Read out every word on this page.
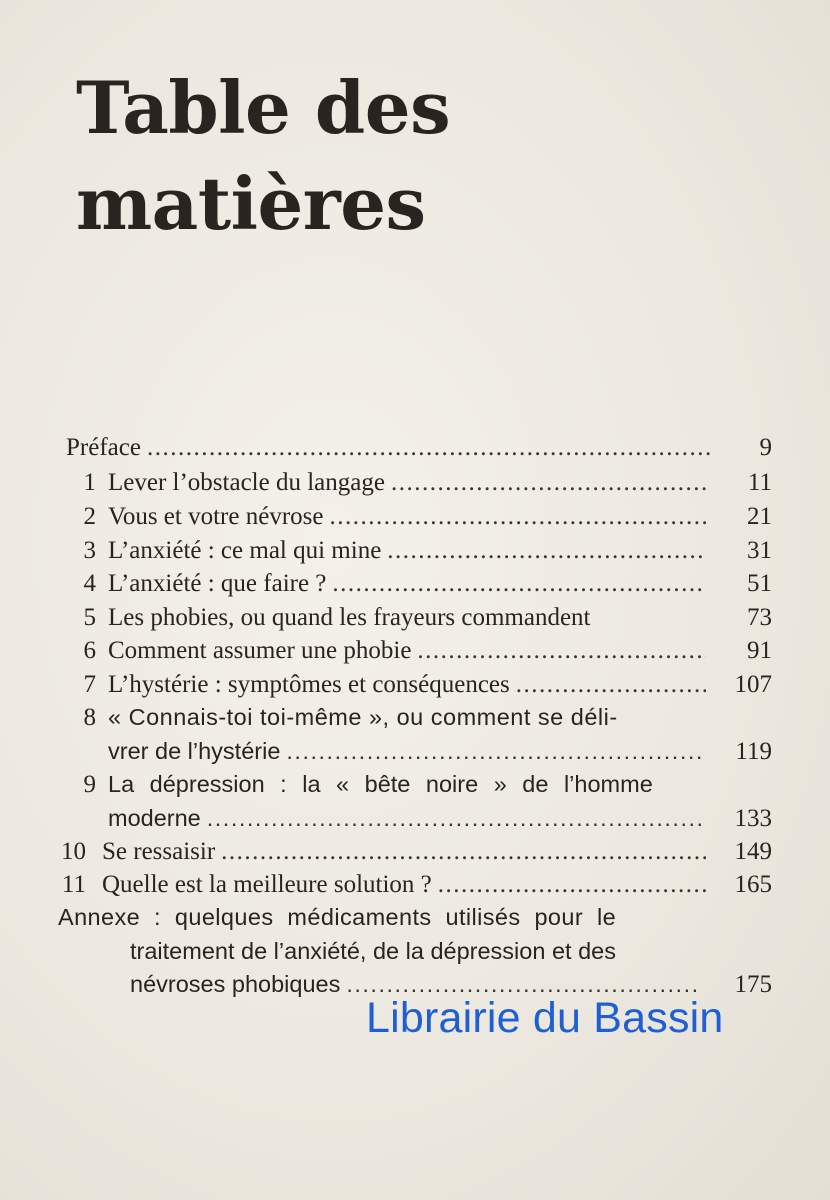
Table des
matières
Préface .....	9
1 Lever l’obstacle du langage .....	11
2 Vous et votre névrose .....	21
3 L’anxiété : ce mal qui mine .....	31
4 L’anxiété : que faire ? .....	51
5 Les phobies, ou quand les frayeurs commandent	73
6 Comment assumer une phobie .....	91
7 L’hystérie : symptômes et conséquences .....	107
8 « Connais-toi toi-même », ou comment se déli-
vrer de l’hystérie .....	119
9 La dépression : la « bête noire » de l’homme
moderne .....	133
10 Se ressaisir .....	149
11 Quelle est la meilleure solution ? .....	165
Annexe : quelques médicaments utilisés pour le
traitement de l’anxiété, de la dépression et des
névroses phobiques .....	175
Librairie du Bassin
